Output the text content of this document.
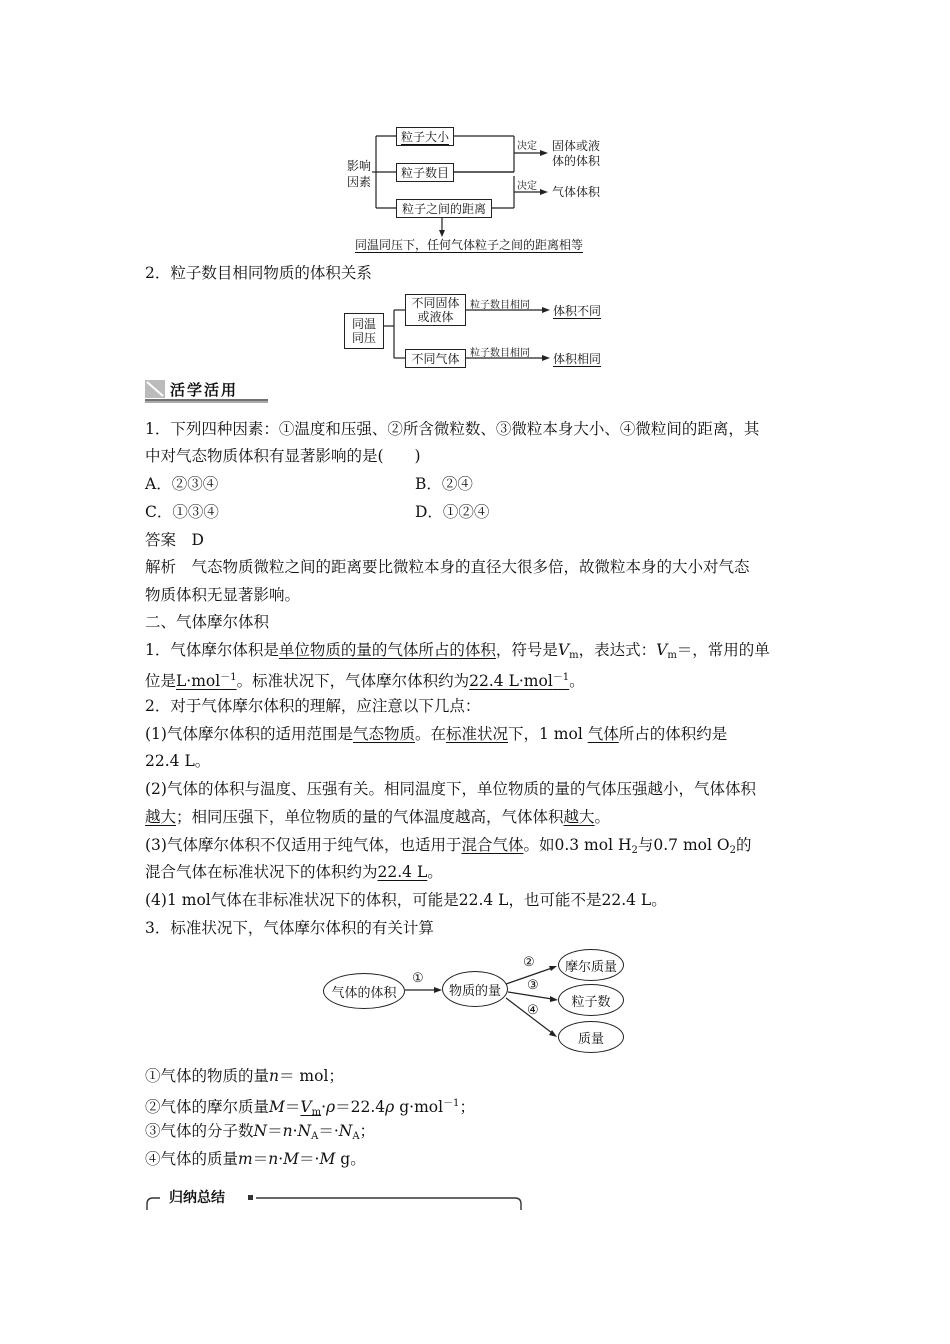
影响
因素
粒子大小
粒子数目
粒子之间的距离
决定 固体或液
体的体积
决定 气体体积
同温同压下，任何气体粒子之间的距离相等
2．粒子数目相同物质的体积关系
同温
同压
不同固体
或液体
不同气体
粒子数目相同
粒子数目相同
体积不同
体积相同
活学活用
1．下列四种因素：①温度和压强、②所含微粒数、③微粒本身大小、④微粒间的距离，其
中对气态物质体积有显著影响的是(　　)
A．②③④	B．②④
C．①③④	D．①②④
答案　D
解析　气态物质微粒之间的距离要比微粒本身的直径大很多倍，故微粒本身的大小对气态
物质体积无显著影响。
二、气体摩尔体积
1．气体摩尔体积是单位物质的量的气体所占的体积，符号是$V_m$，表达式：$V_m=$，常用的单
位是L·mol$^{-1}$。标准状况下，气体摩尔体积约为22.4 L·mol$^{-1}$。
2．对于气体摩尔体积的理解，应注意以下几点：
(1)气体摩尔体积的适用范围是气态物质。在标准状况下，1 mol 气体所占的体积约是
22.4 L。
(2)气体的体积与温度、压强有关。相同温度下，单位物质的量的气体压强越小，气体体积
越大；相同压强下，单位物质的量的气体温度越高，气体体积越大。
(3)气体摩尔体积不仅适用于纯气体，也适用于混合气体。如0.3 mol $H_2$与0.7 mol $O_2$的
混合气体在标准状况下的体积约为22.4 L。
(4)1 mol气体在非标准状况下的体积，可能是22.4 L，也可能不是22.4 L。
3．标准状况下，气体摩尔体积的有关计算
气体的体积	物质的量
摩尔质量
粒子数
质量
①
②
③
④
①气体的物质的量n＝ mol；
②气体的摩尔质量$M=V_m\cdot\rho=22.4\rho$ g·mol$^{-1}$；
③气体的分子数$N=n\cdot N_A=\cdot N_A$；
④气体的质量m＝n·M＝·M g。
归纳总结
